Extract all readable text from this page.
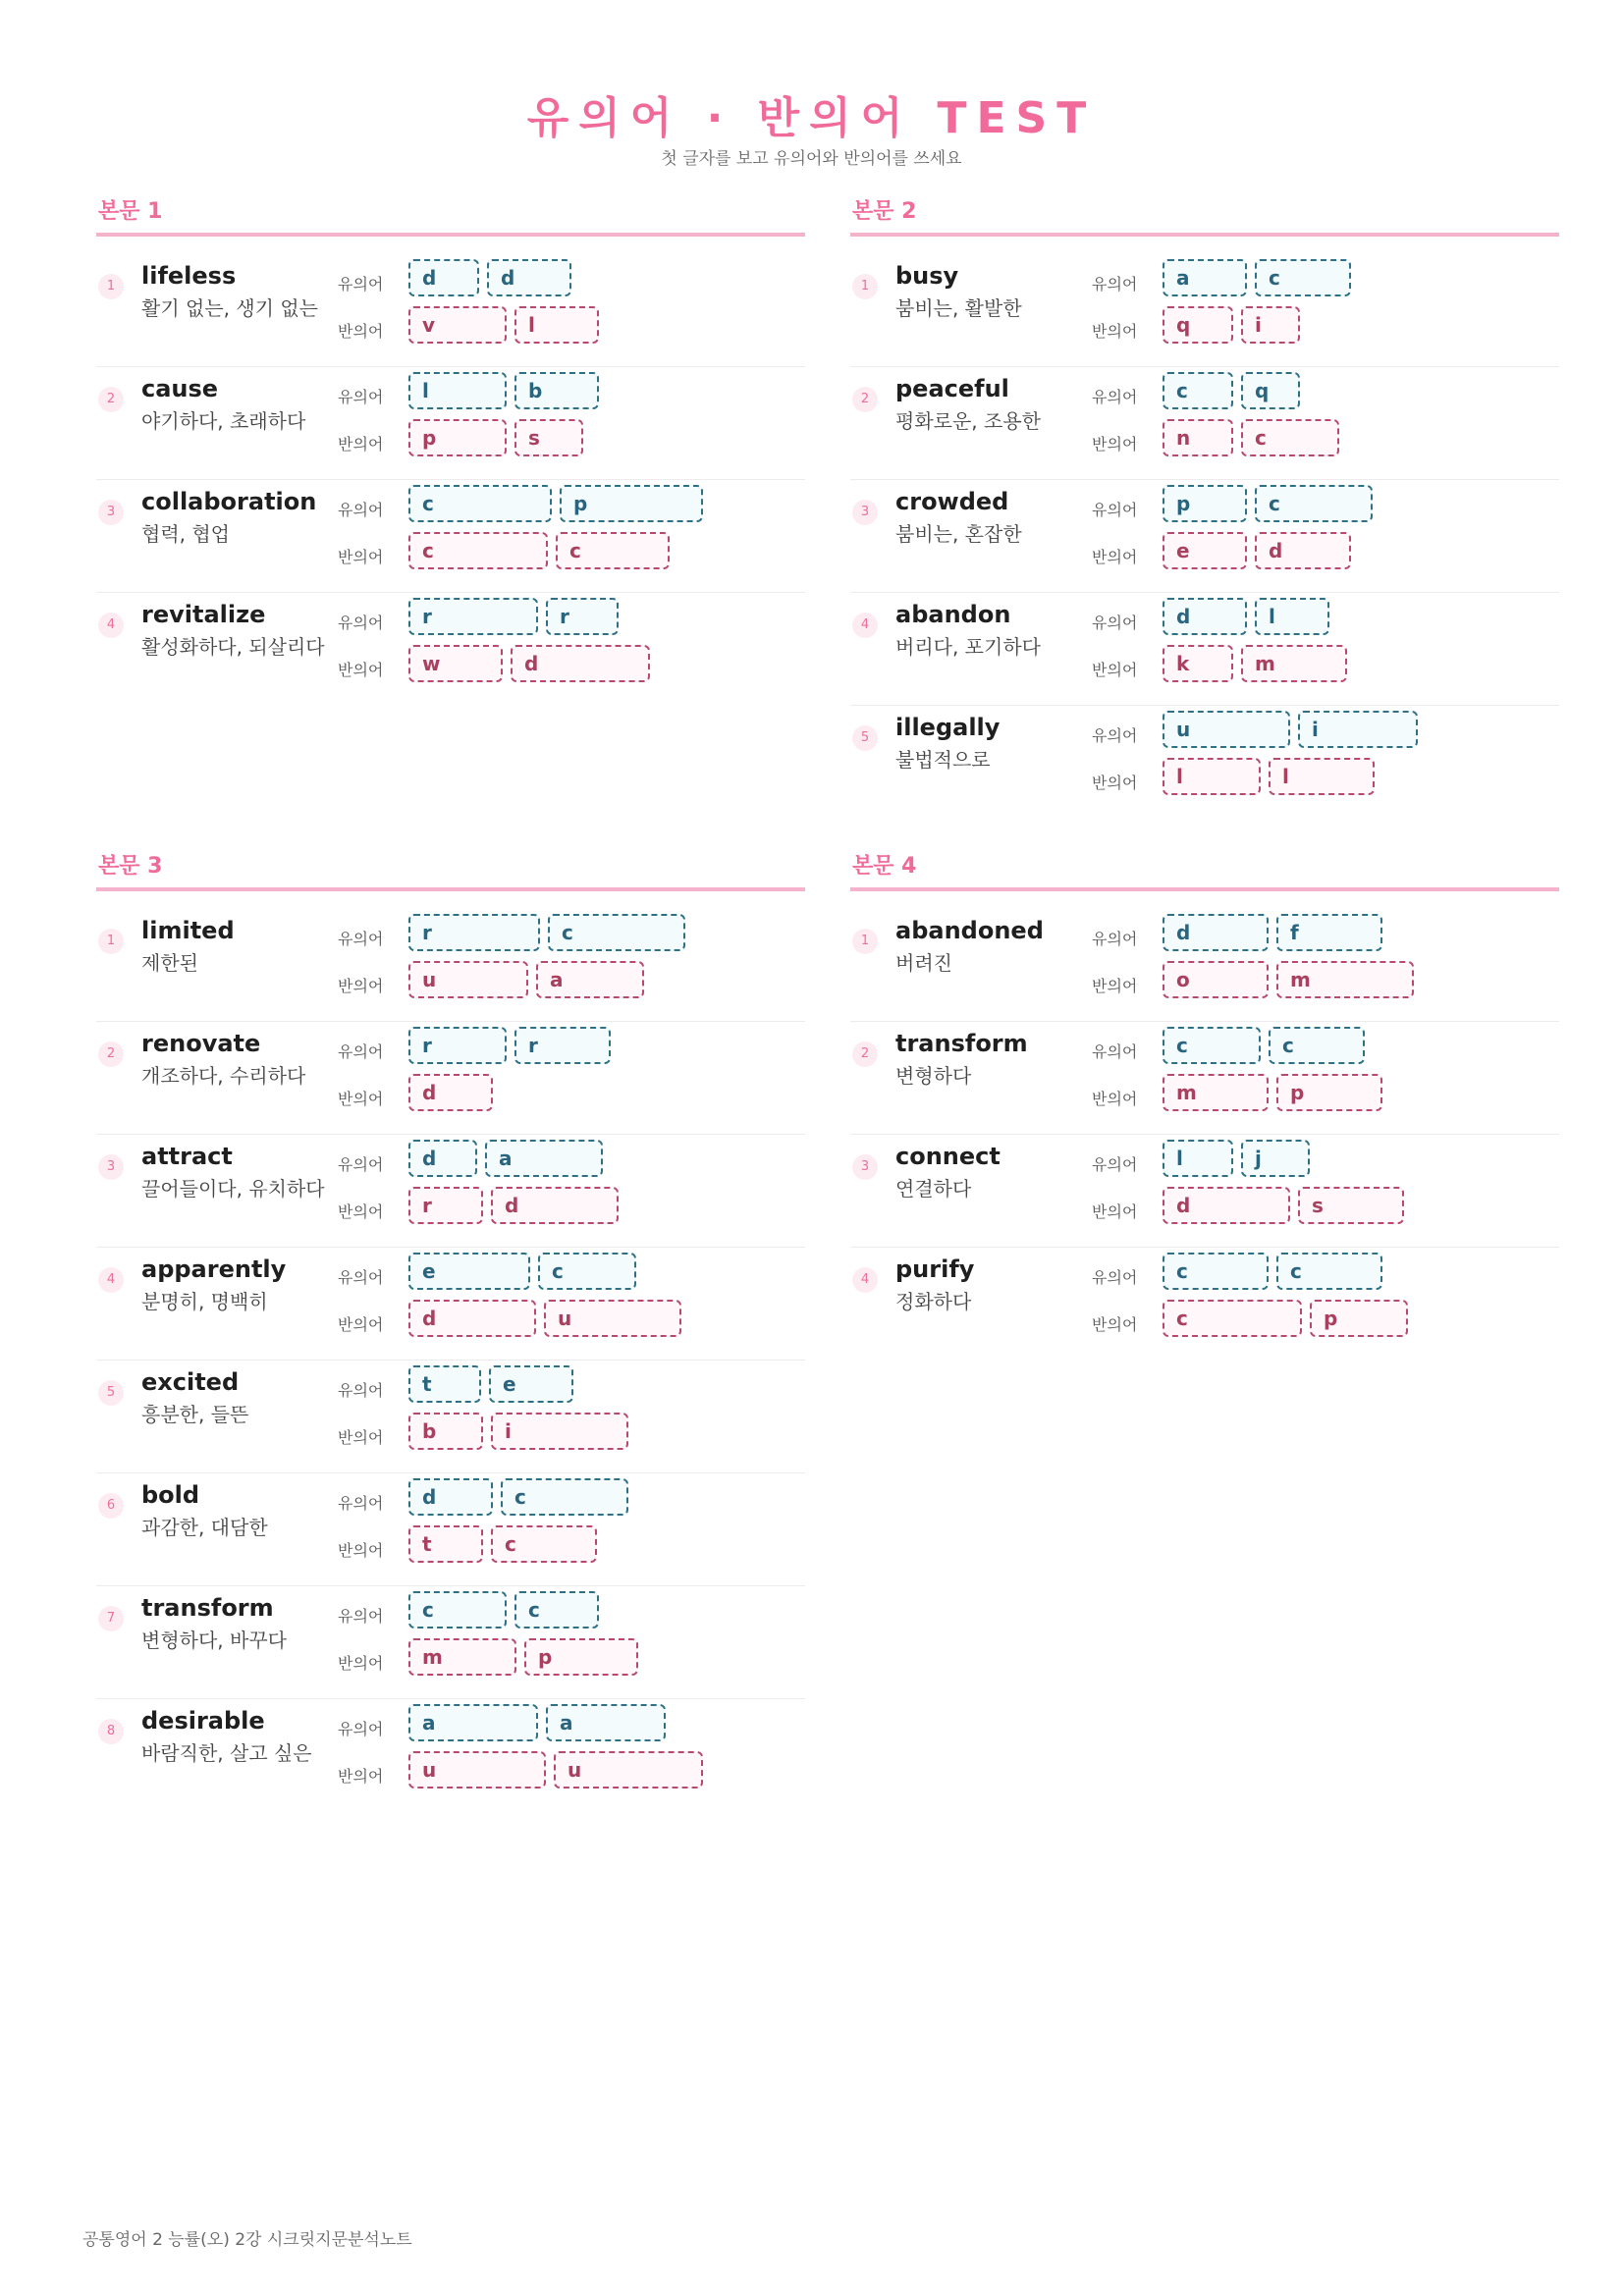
유의어 · 반의어 TEST
첫 글자를 보고 유의어와 반의어를 쓰세요
본문 1
1	lifeless
활기 없는, 생기 없는
유의어
반의어
d	d
v	l
2	cause
야기하다, 초래하다
유의어
반의어
l	b
p	s
3	collaboration
협력, 협업
유의어
반의어
c	p
c	c
4	revitalize
활성화하다, 되살리다
유의어
반의어
r	r
w	d
본문 2
1	busy
붐비는, 활발한
유의어
반의어
a	c
q	i
2	peaceful
평화로운, 조용한
유의어
반의어
c	q
n	c
3	crowded
붐비는, 혼잡한
유의어
반의어
p	c
e	d
4	abandon
버리다, 포기하다
유의어
반의어
d	l
k	m
5	illegally
불법적으로
유의어
반의어
u	i
l	l
본문 3
1	limited
제한된
유의어
반의어
r	c
u	a
2	renovate
개조하다, 수리하다
유의어
반의어
r	r
d
3	attract
끌어들이다, 유치하다
유의어
반의어
d	a
r	d
4	apparently
분명히, 명백히
유의어
반의어
e	c
d	u
5	excited
흥분한, 들뜬
유의어
반의어
t	e
b	i
6	bold
과감한, 대담한
유의어
반의어
d	c
t	c
7	transform
변형하다, 바꾸다
유의어
반의어
c	c
m	p
8	desirable
바람직한, 살고 싶은
유의어
반의어
a	a
u	u
본문 4
1	abandoned
버려진
유의어
반의어
d	f
o	m
2	transform
변형하다
유의어
반의어
c	c
m	p
3	connect
연결하다
유의어
반의어
l	j
d	s
4	purify
정화하다
유의어
반의어
c	c
c	p
공통영어 2 능률(오) 2강 시크릿지문분석노트
